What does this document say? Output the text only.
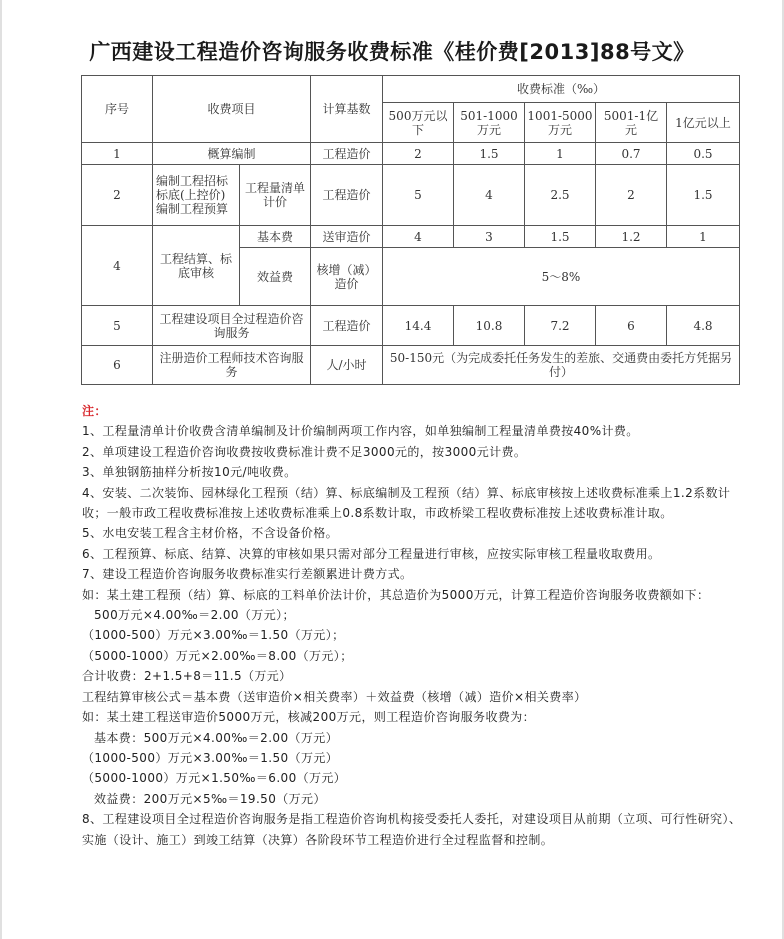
广西建设工程造价咨询服务收费标准《桂价费[2013]88号文》
序号	收费项目		计算基数	收费标准（‰）				
				500万元以下	501-1000万元	1001-5000万元	5001-1亿元	1亿元以上
1	概算编制		工程造价	2	1.5	1	0.7	0.5
2	编制工程招标标底(上控价)编制工程预算	工程量清单计价	工程造价	5	4	2.5	2	1.5
4	工程结算、标底审核	基本费	送审造价	4	3	1.5	1.2	1
		效益费	核增（减）造价	5～8%				
5	工程建设项目全过程造价咨询服务		工程造价	14.4	10.8	7.2	6	4.8
6	注册造价工程师技术咨询服务		人/小时	50-150元（为完成委托任务发生的差旅、交通费由委托方凭据另付）				
注：
1、工程量清单计价收费含清单编制及计价编制两项工作内容，如单独编制工程量清单费按40%计费。
2、单项建设工程造价咨询收费按收费标准计费不足3000元的，按3000元计费。
3、单独钢筋抽样分析按10元/吨收费。
4、安装、二次装饰、园林绿化工程预（结）算、标底编制及工程预（结）算、标底审核按上述收费标准乘上1.2系数计收；一般市政工程收费标准按上述收费标准乘上0.8系数计取，市政桥梁工程收费标准按上述收费标准计取。
5、水电安装工程含主材价格，不含设备价格。
6、工程预算、标底、结算、决算的审核如果只需对部分工程量进行审核，应按实际审核工程量收取费用。
7、建设工程造价咨询服务收费标准实行差额累进计费方式。
如：某土建工程预（结）算、标底的工料单价法计价，其总造价为5000万元，计算工程造价咨询服务收费额如下：
500万元×4.00‰＝2.00（万元）；
（1000-500）万元×3.00‰＝1.50（万元）；
（5000-1000）万元×2.00‰＝8.00（万元）；
合计收费：2+1.5+8＝11.5（万元）
工程结算审核公式＝基本费（送审造价×相关费率）＋效益费（核增（减）造价×相关费率）
如：某土建工程送审造价5000万元，核减200万元，则工程造价咨询服务收费为：
基本费：500万元×4.00‰＝2.00（万元）
（1000-500）万元×3.00‰＝1.50（万元）
（5000-1000）万元×1.50‰＝6.00（万元）
效益费：200万元×5‰＝19.50（万元）
8、工程建设项目全过程造价咨询服务是指工程造价咨询机构接受委托人委托，对建设项目从前期（立项、可行性研究）、实施（设计、施工）到竣工结算（决算）各阶段环节工程造价进行全过程监督和控制。
